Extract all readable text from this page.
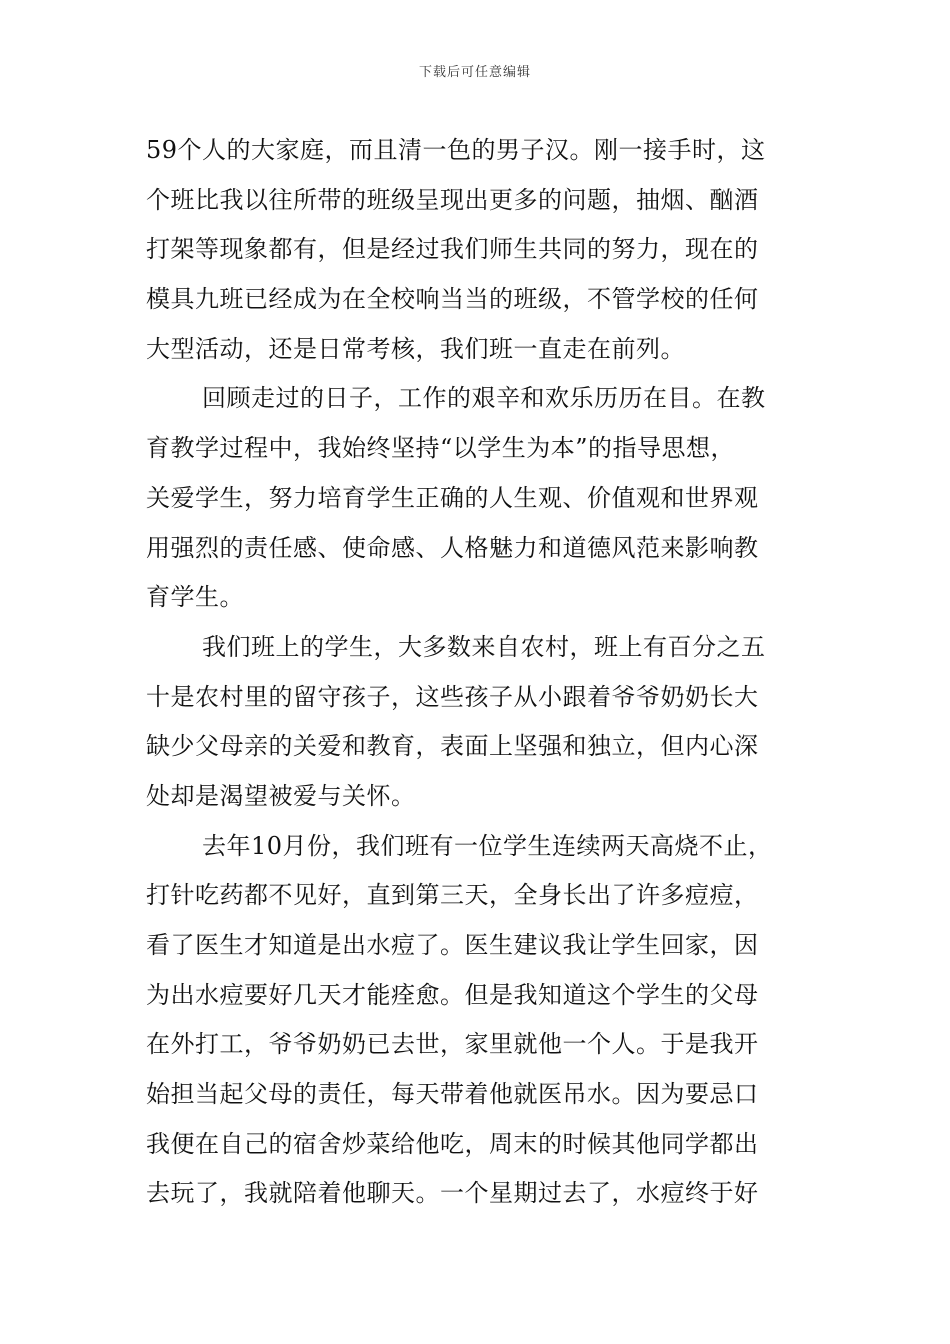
下载后可任意编辑
59个人的大家庭，而且清一色的男子汉。刚一接手时，这
个班比我以往所带的班级呈现出更多的问题，抽烟、酗酒
打架等现象都有，但是经过我们师生共同的努力，现在的
模具九班已经成为在全校响当当的班级，不管学校的任何
大型活动，还是日常考核，我们班一直走在前列。
回顾走过的日子，工作的艰辛和欢乐历历在目。在教
育教学过程中，我始终坚持“以学生为本”的指导思想，
关爱学生，努力培育学生正确的人生观、价值观和世界观
用强烈的责任感、使命感、人格魅力和道德风范来影响教
育学生。
我们班上的学生，大多数来自农村，班上有百分之五
十是农村里的留守孩子，这些孩子从小跟着爷爷奶奶长大
缺少父母亲的关爱和教育，表面上坚强和独立，但内心深
处却是渴望被爱与关怀。
去年10月份，我们班有一位学生连续两天高烧不止，
打针吃药都不见好，直到第三天，全身长出了许多痘痘，
看了医生才知道是出水痘了。医生建议我让学生回家，因
为出水痘要好几天才能痊愈。但是我知道这个学生的父母
在外打工，爷爷奶奶已去世，家里就他一个人。于是我开
始担当起父母的责任，每天带着他就医吊水。因为要忌口
我便在自己的宿舍炒菜给他吃，周末的时候其他同学都出
去玩了，我就陪着他聊天。一个星期过去了，水痘终于好
